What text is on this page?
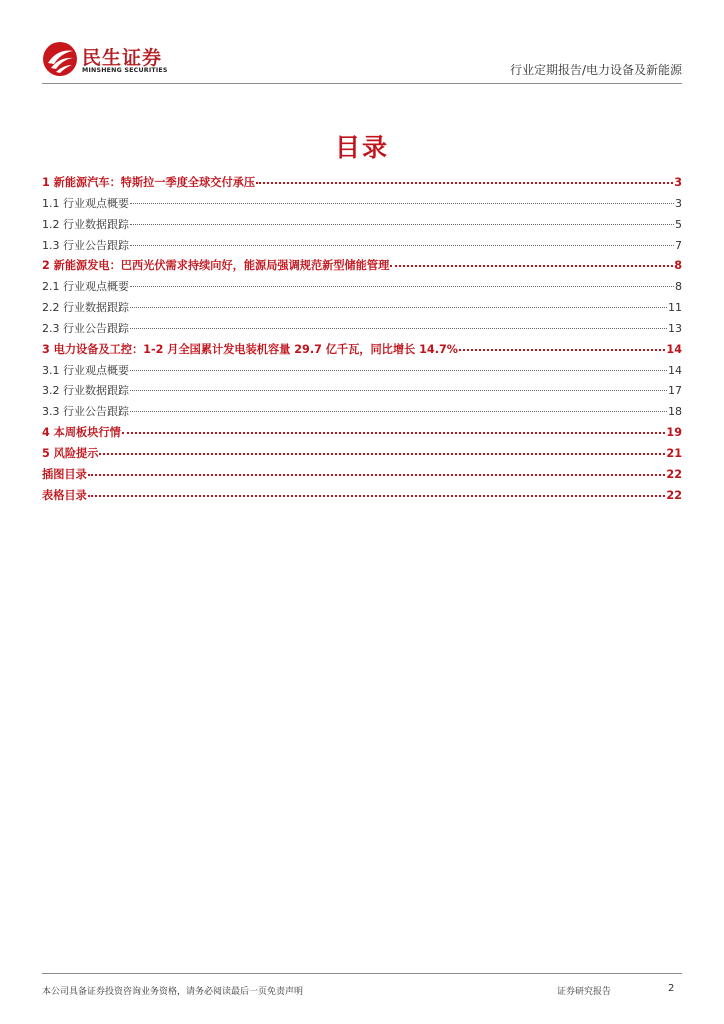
民生证券
MINSHENG SECURITIES	行业定期报告/电力设备及新能源
目录
1 新能源汽车：特斯拉一季度全球交付承压	3
1.1 行业观点概要	3
1.2 行业数据跟踪	5
1.3 行业公告跟踪	7
2 新能源发电：巴西光伏需求持续向好，能源局强调规范新型储能管理	8
2.1 行业观点概要	8
2.2 行业数据跟踪	11
2.3 行业公告跟踪	13
3 电力设备及工控：1-2 月全国累计发电装机容量 29.7 亿千瓦，同比增长 14.7%	14
3.1 行业观点概要	14
3.2 行业数据跟踪	17
3.3 行业公告跟踪	18
4 本周板块行情	19
5 风险提示	21
插图目录	22
表格目录	22
本公司具备证券投资咨询业务资格，请务必阅读最后一页免责声明	证券研究报告	2
